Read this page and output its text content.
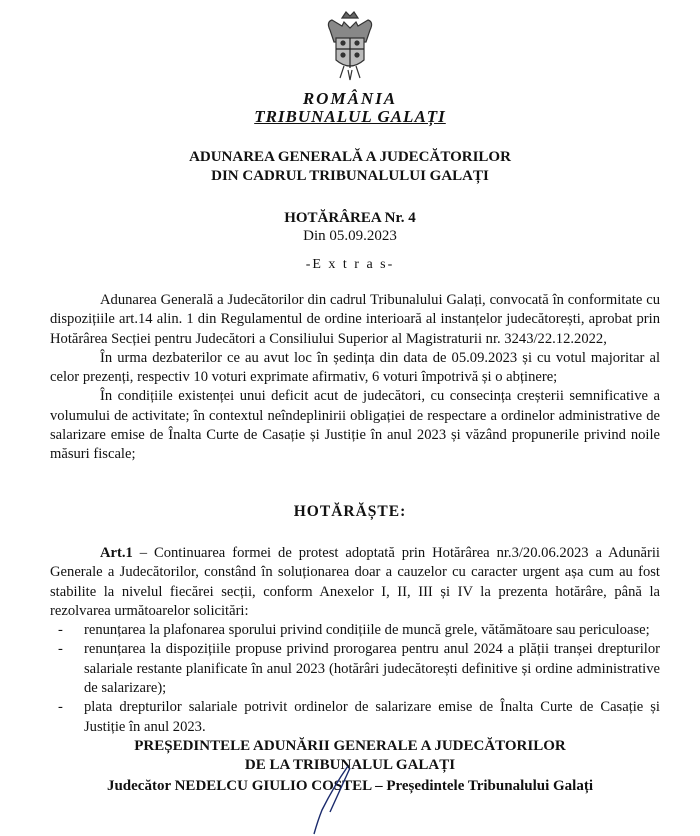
ROMÂNIA
TRIBUNALUL GALAȚI
ADUNAREA GENERALĂ A JUDECĂTORILOR
DIN CADRUL TRIBUNALULUI GALAȚI
HOTĂRÂREA Nr. 4
Din 05.09.2023
-E x t r a s-

Adunarea Generală a Judecătorilor din cadrul Tribunalului Galați, convocată în conformitate cu dispozițiile art.14 alin. 1 din Regulamentul de ordine interioară al instanțelor judecătorești, aprobat prin Hotărârea Secției pentru Judecători a Consiliului Superior al Magistraturii nr. 3243/22.12.2022,

În urma dezbaterilor ce au avut loc în ședința din data de 05.09.2023 și cu votul majoritar al celor prezenți, respectiv 10 voturi exprimate afirmativ, 6 voturi împotrivă și o abținere;

În condițiile existenței unui deficit acut de judecători, cu consecința creșterii semnificative a volumului de activitate; în contextul neîndeplinirii obligației de respectare a ordinelor administrative de salarizare emise de Înalta Curte de Casație și Justiție în anul 2023 și văzând propunerile privind noile măsuri fiscale;

HOTĂRĂȘTE:

Art.1 – Continuarea formei de protest adoptată prin Hotărârea nr.3/20.06.2023 a Adunării Generale a Judecătorilor, constând în soluționarea doar a cauzelor cu caracter urgent așa cum au fost stabilite la nivelul fiecărei secții, conform Anexelor I, II, III și IV la prezenta hotărâre, până la rezolvarea următoarelor solicitări:

- renunțarea la plafonarea sporului privind condițiile de muncă grele, vătămătoare sau periculoase;
- renunțarea la dispozițiile propuse privind prorogarea pentru anul 2024 a plății tranșei drepturilor salariale restante planificate în anul 2023 (hotărâri judecătorești definitive și ordine administrative de salarizare);
- plata drepturilor salariale potrivit ordinelor de salarizare emise de Înalta Curte de Casație și Justiție în anul 2023.
PREȘEDINTELE ADUNĂRII GENERALE A JUDECĂTORILOR
DE LA TRIBUNALUL GALAȚI
Judecător NEDELCU GIULIO COSTEL – Președintele Tribunalului Galați
